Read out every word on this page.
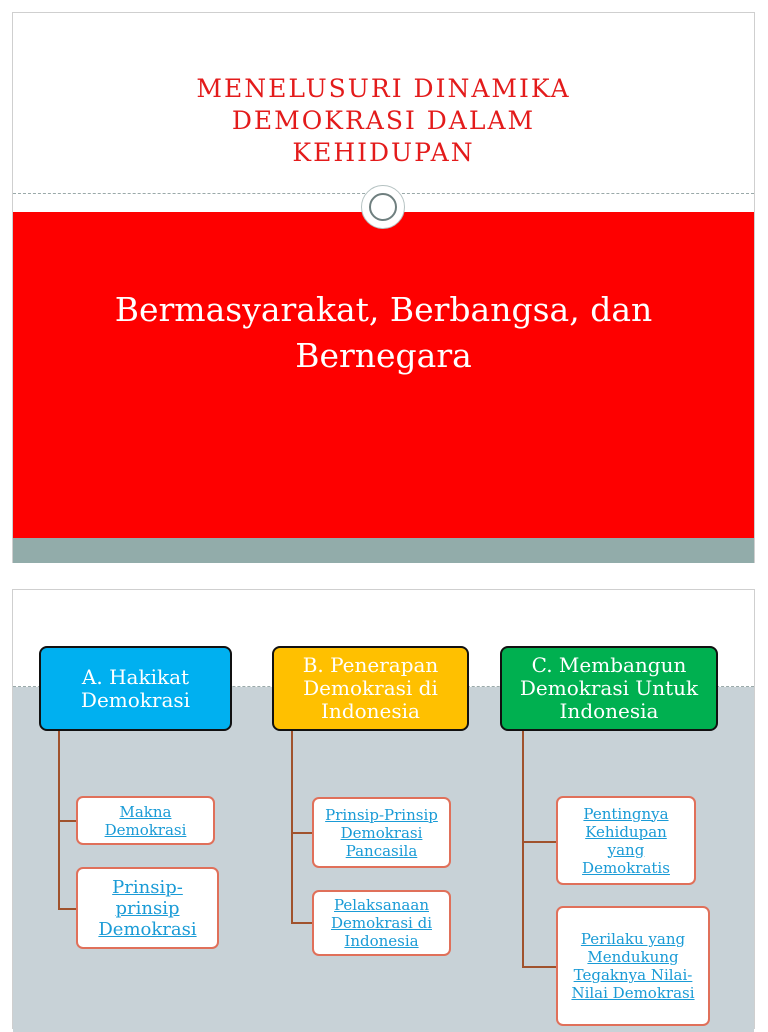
MENELUSURI DINAMIKA
DEMOKRASI DALAM
KEHIDUPAN
Bermasyarakat, Berbangsa, dan
Bernegara
A. Hakikat
Demokrasi
B. Penerapan
Demokrasi di
Indonesia
C. Membangun
Demokrasi Untuk
Indonesia
Makna
Demokrasi
Prinsip-
prinsip
Demokrasi
Prinsip-Prinsip
Demokrasi
Pancasila
Pelaksanaan
Demokrasi di
Indonesia
Pentingnya
Kehidupan
yang
Demokratis
Perilaku yang
Mendukung
Tegaknya Nilai-
Nilai Demokrasi
